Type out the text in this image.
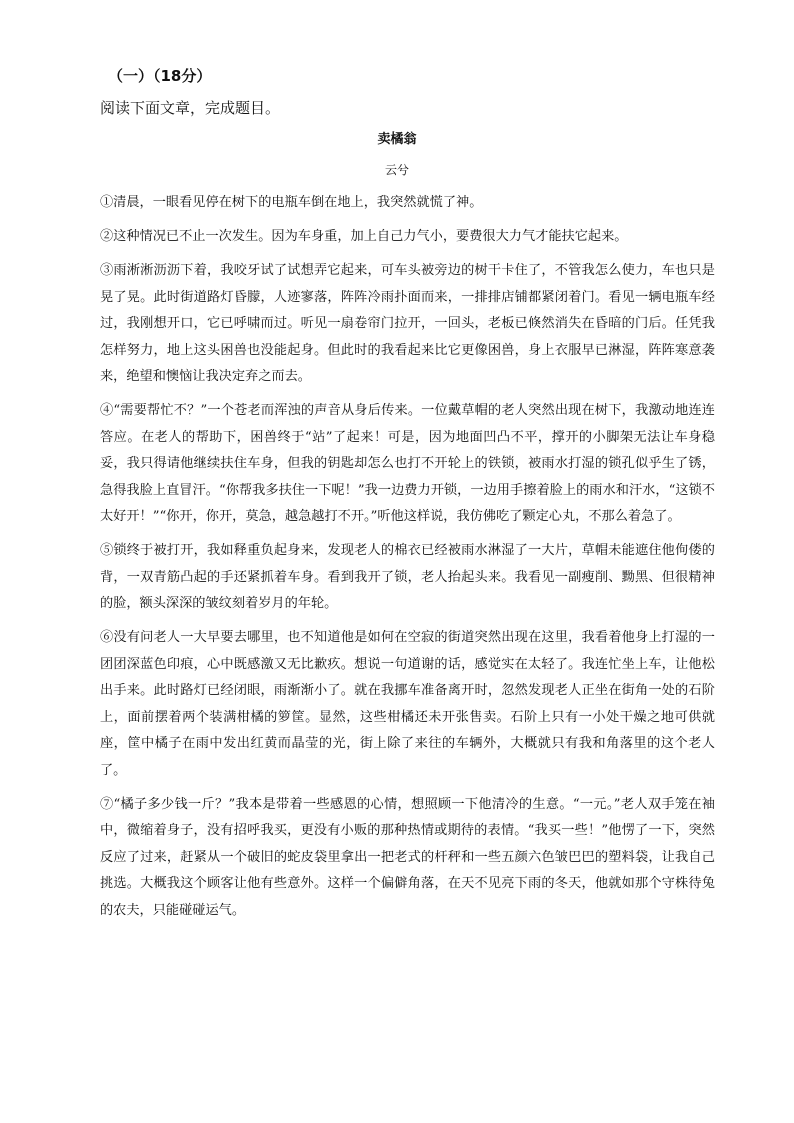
（一）（18分）
阅读下面文章，完成题目。
卖橘翁
云兮

①清晨，一眼看见停在树下的电瓶车倒在地上，我突然就慌了神。

②这种情况已不止一次发生。因为车身重，加上自己力气小，要费很大力气才能扶它起来。

③雨淅淅沥沥下着，我咬牙试了试想弄它起来，可车头被旁边的树干卡住了，不管我怎么使力，车也只是晃了晃。此时街道路灯昏朦，人迹寥落，阵阵冷雨扑面而来，一排排店铺都紧闭着门。看见一辆电瓶车经过，我刚想开口，它已呼啸而过。听见一扇卷帘门拉开，一回头，老板已倏然消失在昏暗的门后。任凭我怎样努力，地上这头困兽也没能起身。但此时的我看起来比它更像困兽，身上衣服早已淋湿，阵阵寒意袭来，绝望和懊恼让我决定弃之而去。

④“需要帮忙不？”一个苍老而浑浊的声音从身后传来。一位戴草帽的老人突然出现在树下，我激动地连连答应。在老人的帮助下，困兽终于“站”了起来！可是，因为地面凹凸不平，撑开的小脚架无法让车身稳妥，我只得请他继续扶住车身，但我的钥匙却怎么也打不开轮上的铁锁，被雨水打湿的锁孔似乎生了锈，急得我脸上直冒汗。“你帮我多扶住一下呢！”我一边费力开锁，一边用手擦着脸上的雨水和汗水，“这锁不太好开！”“你开，你开，莫急，越急越打不开。”听他这样说，我仿佛吃了颗定心丸，不那么着急了。

⑤锁终于被打开，我如释重负起身来，发现老人的棉衣已经被雨水淋湿了一大片，草帽未能遮住他佝偻的背，一双青筋凸起的手还紧抓着车身。看到我开了锁，老人抬起头来。我看见一副瘦削、黝黑、但很精神的脸，额头深深的皱纹刻着岁月的年轮。

⑥没有问老人一大早要去哪里，也不知道他是如何在空寂的街道突然出现在这里，我看着他身上打湿的一团团深蓝色印痕，心中既感激又无比歉疚。想说一句道谢的话，感觉实在太轻了。我连忙坐上车，让他松出手来。此时路灯已经闭眼，雨渐渐小了。就在我挪车准备离开时，忽然发现老人正坐在街角一处的石阶上，面前摆着两个装满柑橘的箩筐。显然，这些柑橘还未开张售卖。石阶上只有一小处干燥之地可供就座，筐中橘子在雨中发出红黄而晶莹的光，街上除了来往的车辆外，大概就只有我和角落里的这个老人了。

⑦“橘子多少钱一斤？”我本是带着一些感恩的心情，想照顾一下他清冷的生意。“一元。”老人双手笼在袖中，微缩着身子，没有招呼我买，更没有小贩的那种热情或期待的表情。“我买一些！”他愣了一下，突然反应了过来，赶紧从一个破旧的蛇皮袋里拿出一把老式的杆秤和一些五颜六色皱巴巴的塑料袋，让我自己挑选。大概我这个顾客让他有些意外。这样一个偏僻角落，在天不见亮下雨的冬天，他就如那个守株待兔的农夫，只能碰碰运气。
